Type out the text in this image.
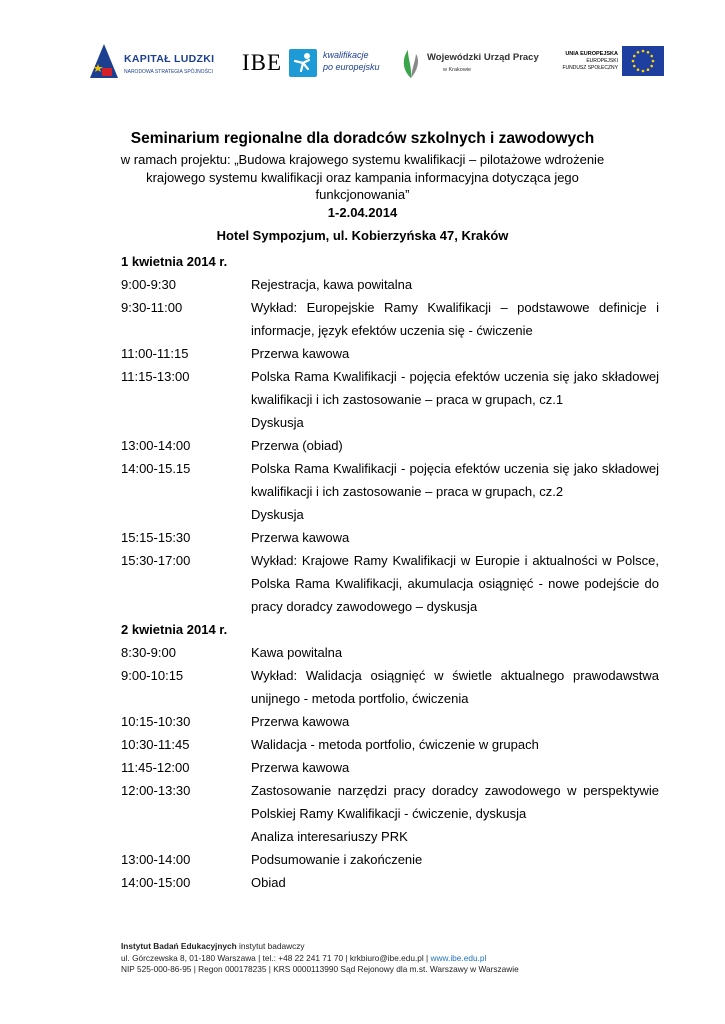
KAPITAŁ LUDZKI
NARODOWA STRATEGIA SPÓJNOŚCI IBE	kwalifikacje
po europejsku
Wojewódzki Urząd Pracy
w Krakowie
UNIA EUROPEJSKA
EUROPEJSKI
FUNDUSZ SPOŁECZNY
Seminarium regionalne dla doradców szkolnych i zawodowych

w ramach projektu: „Budowa krajowego systemu kwalifikacji – pilotażowe wdrożenie krajowego systemu kwalifikacji oraz kampania informacyjna dotycząca jego funkcjonowania”
1-2.04.2014

Hotel Sympozjum, ul. Kobierzyńska 47, Kraków

1 kwietnia 2014 r.
9:00-9:30	Rejestracja, kawa powitalna
9:30-11:00	Wykład: Europejskie Ramy Kwalifikacji – podstawowe definicje i informacje, język efektów uczenia się - ćwiczenie
11:00-11:15	Przerwa kawowa
11:15-13:00	Polska Rama Kwalifikacji - pojęcia efektów uczenia się jako składowej kwalifikacji i ich zastosowanie – praca w grupach, cz.1
Dyskusja
13:00-14:00	Przerwa (obiad)
14:00-15.15	Polska Rama Kwalifikacji - pojęcia efektów uczenia się jako składowej kwalifikacji i ich zastosowanie – praca w grupach, cz.2
Dyskusja
15:15-15:30	Przerwa kawowa
15:30-17:00	Wykład: Krajowe Ramy Kwalifikacji w Europie i aktualności w Polsce, Polska Rama Kwalifikacji, akumulacja osiągnięć - nowe podejście do pracy doradcy zawodowego – dyskusja
2 kwietnia 2014 r.
8:30-9:00	Kawa powitalna
9:00-10:15	Wykład: Walidacja osiągnięć w świetle aktualnego prawodawstwa unijnego - metoda portfolio, ćwiczenia
10:15-10:30	Przerwa kawowa
10:30-11:45	Walidacja - metoda portfolio, ćwiczenie w grupach
11:45-12:00	Przerwa kawowa
12:00-13:30	Zastosowanie narzędzi pracy doradcy zawodowego w perspektywie Polskiej Ramy Kwalifikacji - ćwiczenie, dyskusja
Analiza interesariuszy PRK
13:00-14:00	Podsumowanie i zakończenie
14:00-15:00	Obiad
Instytut Badań Edukacyjnych instytut badawczy
ul. Górczewska 8, 01-180 Warszawa | tel.: +48 22 241 71 70 | krkbiuro@ibe.edu.pl | www.ibe.edu.pl
NIP 525-000-86-95 | Regon 000178235 | KRS 0000113990 Sąd Rejonowy dla m.st. Warszawy w Warszawie
